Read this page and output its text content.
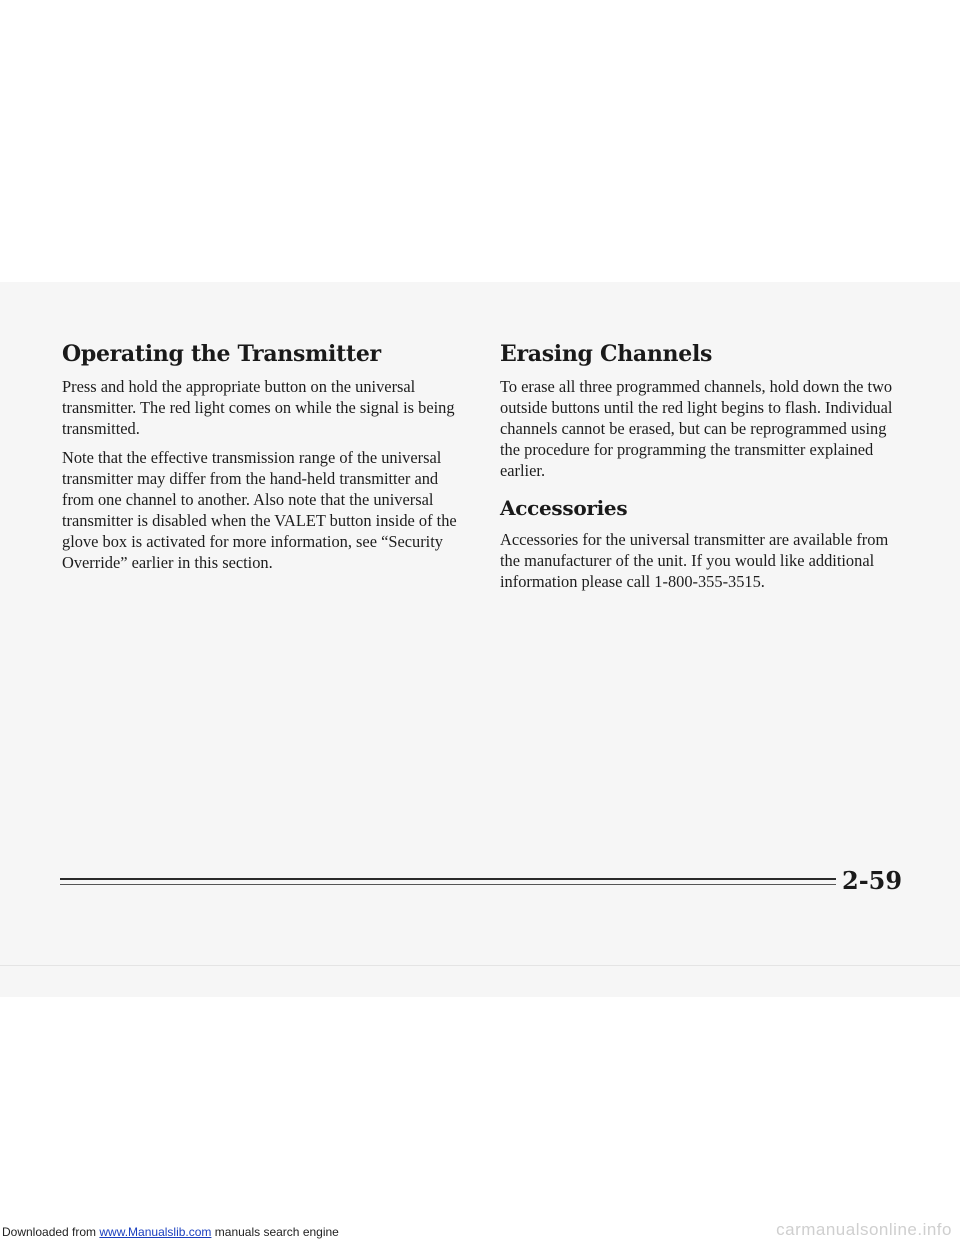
Operating the Transmitter

Press and hold the appropriate button on the universal transmitter. The red light comes on while the signal is being transmitted.

Note that the effective transmission range of the universal transmitter may differ from the hand-held transmitter and from one channel to another. Also note that the universal transmitter is disabled when the VALET button inside of the glove box is activated for more information, see “Security Override” earlier in this section.

Erasing Channels

To erase all three programmed channels, hold down the two outside buttons until the red light begins to flash. Individual channels cannot be erased, but can be reprogrammed using the procedure for programming the transmitter explained earlier.

Accessories

Accessories for the universal transmitter are available from the manufacturer of the unit. If you would like additional information please call 1-800-355-3515.

2-59
Downloaded from www.Manualslib.com manuals search engine	carmanualsonline.info
